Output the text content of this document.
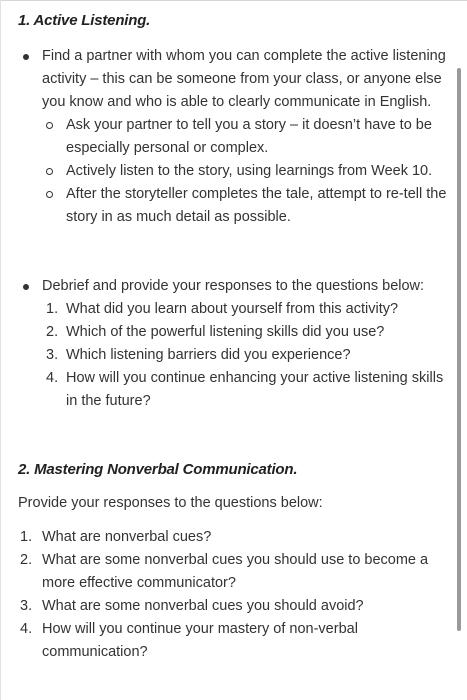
1. Active Listening.
Find a partner with whom you can complete the active listening activity – this can be someone from your class, or anyone else you know and who is able to clearly communicate in English.
Ask your partner to tell you a story – it doesn’t have to be especially personal or complex.
Actively listen to the story, using learnings from Week 10.
After the storyteller completes the tale, attempt to re-tell the story in as much detail as possible.
Debrief and provide your responses to the questions below:
1. What did you learn about yourself from this activity?
2. Which of the powerful listening skills did you use?
3. Which listening barriers did you experience?
4. How will you continue enhancing your active listening skills in the future?
2. Mastering Nonverbal Communication.
Provide your responses to the questions below:
1. What are nonverbal cues?
2. What are some nonverbal cues you should use to become a more effective communicator?
3. What are some nonverbal cues you should avoid?
4. How will you continue your mastery of non-verbal communication?
